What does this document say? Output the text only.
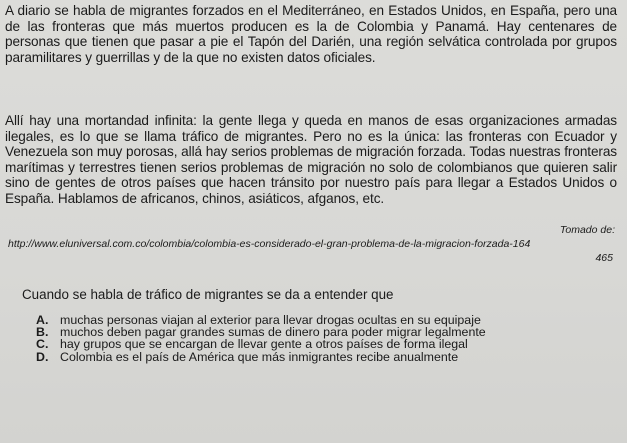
A diario se habla de migrantes forzados en el Mediterráneo, en Estados Unidos, en España, pero una de las fronteras que más muertos producen es la de Colombia y Panamá. Hay centenares de personas que tienen que pasar a pie el Tapón del Darién, una región selvática controlada por grupos paramilitares y guerrillas y de la que no existen datos oficiales.

Allí hay una mortandad infinita: la gente llega y queda en manos de esas organizaciones armadas ilegales, es lo que se llama tráfico de migrantes. Pero no es la única: las fronteras con Ecuador y Venezuela son muy porosas, allá hay serios problemas de migración forzada. Todas nuestras fronteras marítimas y terrestres tienen serios problemas de migración no solo de colombianos que quieren salir sino de gentes de otros países que hacen tránsito por nuestro país para llegar a Estados Unidos o España. Hablamos de africanos, chinos, asiáticos, afganos, etc.

Tomado de:
http://www.eluniversal.com.co/colombia/colombia-es-considerado-el-gran-problema-de-la-migracion-forzada-164
465
Cuando se habla de tráfico de migrantes se da a entender que
A. muchas personas viajan al exterior para llevar drogas ocultas en su equipaje
B. muchos deben pagar grandes sumas de dinero para poder migrar legalmente
C. hay grupos que se encargan de llevar gente a otros países de forma ilegal
D. Colombia es el país de América que más inmigrantes recibe anualmente
